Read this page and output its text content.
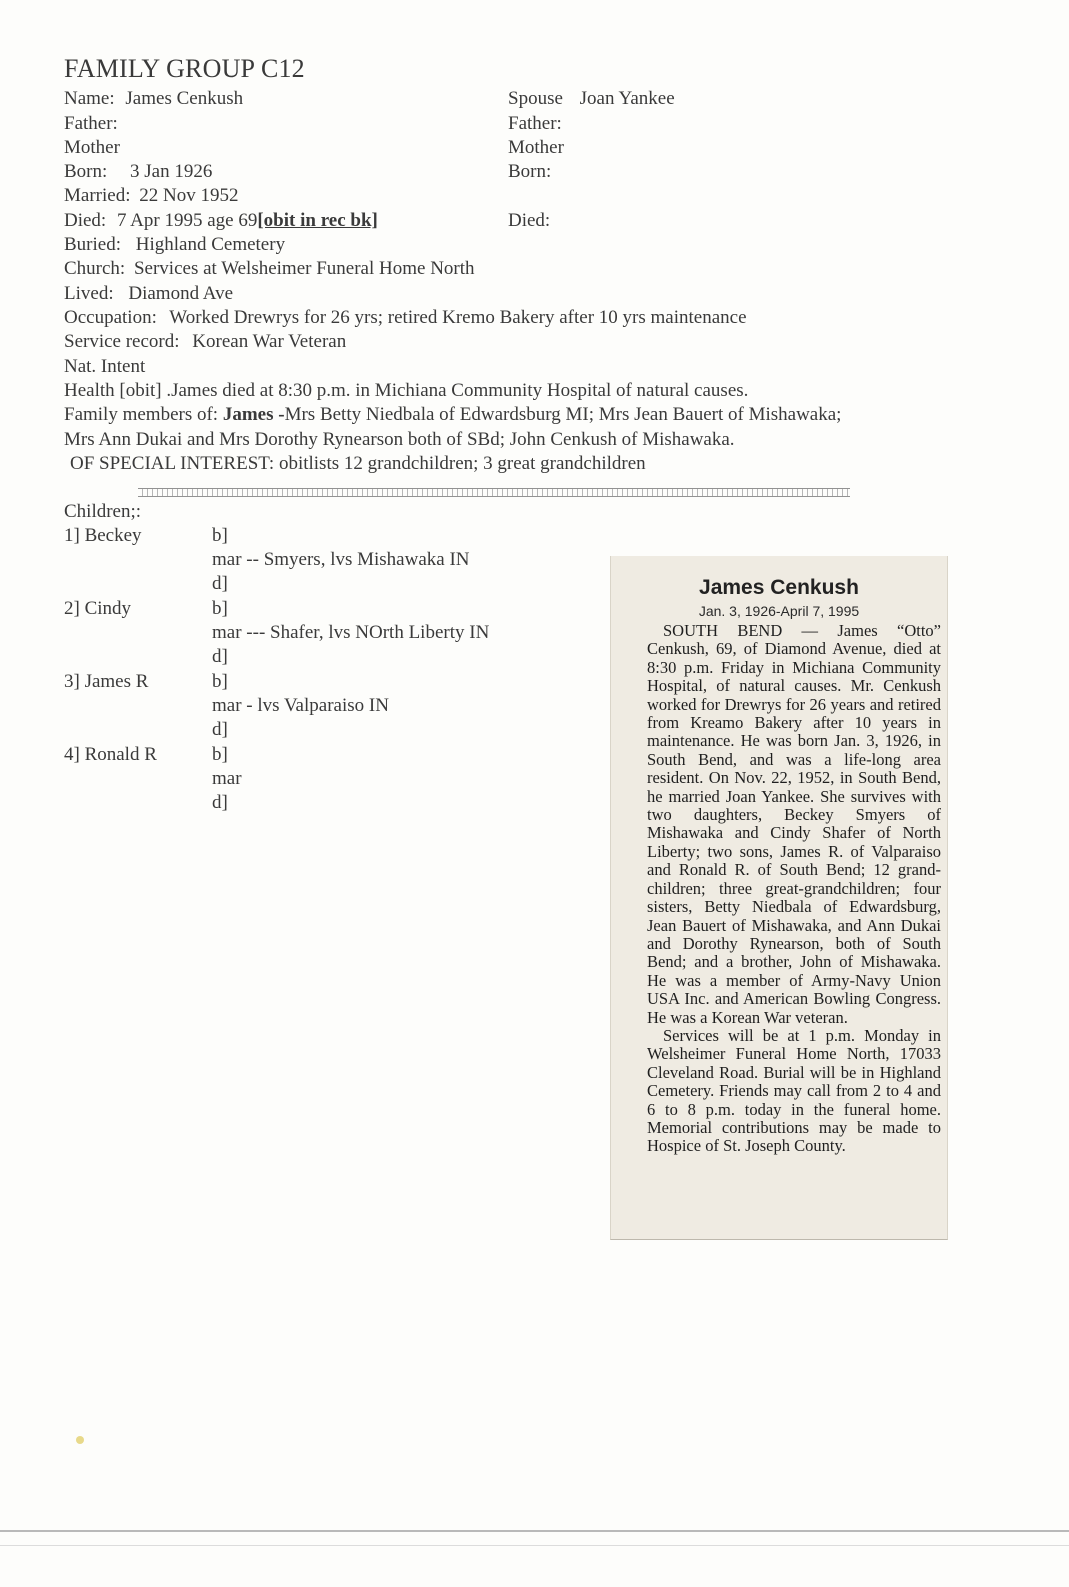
FAMILY GROUP C12
Name: James Cenkush
Father:
Mother
Born: 3 Jan 1926
Married: 22 Nov 1952
Died: 7 Apr 1995 age 69[obit in rec bk]
Buried: Highland Cemetery
Church: Services at Welsheimer Funeral Home North
Lived: Diamond Ave
Occupation: Worked Drewrys for 26 yrs; retired Kremo Bakery after 10 yrs maintenance
Service record: Korean War Veteran
Nat. Intent
Health [obit] .James died at 8:30 p.m. in Michiana Community Hospital of natural causes.
Family members of: James -Mrs Betty Niedbala of Edwardsburg MI; Mrs Jean Bauert of Mishawaka;
Mrs Ann Dukai and Mrs Dorothy Rynearson both of SBd; John Cenkush of Mishawaka.
OF SPECIAL INTEREST: obitlists 12 grandchildren; 3 great grandchildren
Spouse Joan Yankee
Father:
Mother
Born:
Died:
Children;:
1] Beckey	b]
mar -- Smyers, lvs Mishawaka IN
d]
2] Cindy	b]
mar --- Shafer, lvs NOrth Liberty IN
d]
3] James R	b]
mar - lvs Valparaiso IN
d]
4] Ronald R	b]
mar
d]
James Cenkush
Jan. 3, 1926-April 7, 1995
SOUTH BEND — James “Otto” Cenkush, 69, of Diamond Avenue, died at 8:30 p.m. Friday in Michiana Community Hospital, of natural causes. Mr. Cenkush worked for Drewrys for 26 years and retired from Kreamo Bakery after 10 years in maintenance. He was born Jan. 3, 1926, in South Bend, and was a life-long area resident. On Nov. 22, 1952, in South Bend, he married Joan Yankee. She survives with two daughters, Beckey Smyers of Mishawaka and Cindy Shafer of North Liberty; two sons, James R. of Valparaiso and Ronald R. of South Bend; 12 grand-children; three great-grandchildren; four sisters, Betty Niedbala of Edwardsburg, Jean Bauert of Mishawaka, and Ann Dukai and Dorothy Rynearson, both of South Bend; and a brother, John of Mishawaka. He was a member of Army-Navy Union USA Inc. and American Bowling Congress. He was a Korean War veteran.
Services will be at 1 p.m. Monday in Welsheimer Funeral Home North, 17033 Cleveland Road. Burial will be in Highland Cemetery. Friends may call from 2 to 4 and 6 to 8 p.m. today in the funeral home. Memorial contributions may be made to Hospice of St. Joseph County.
